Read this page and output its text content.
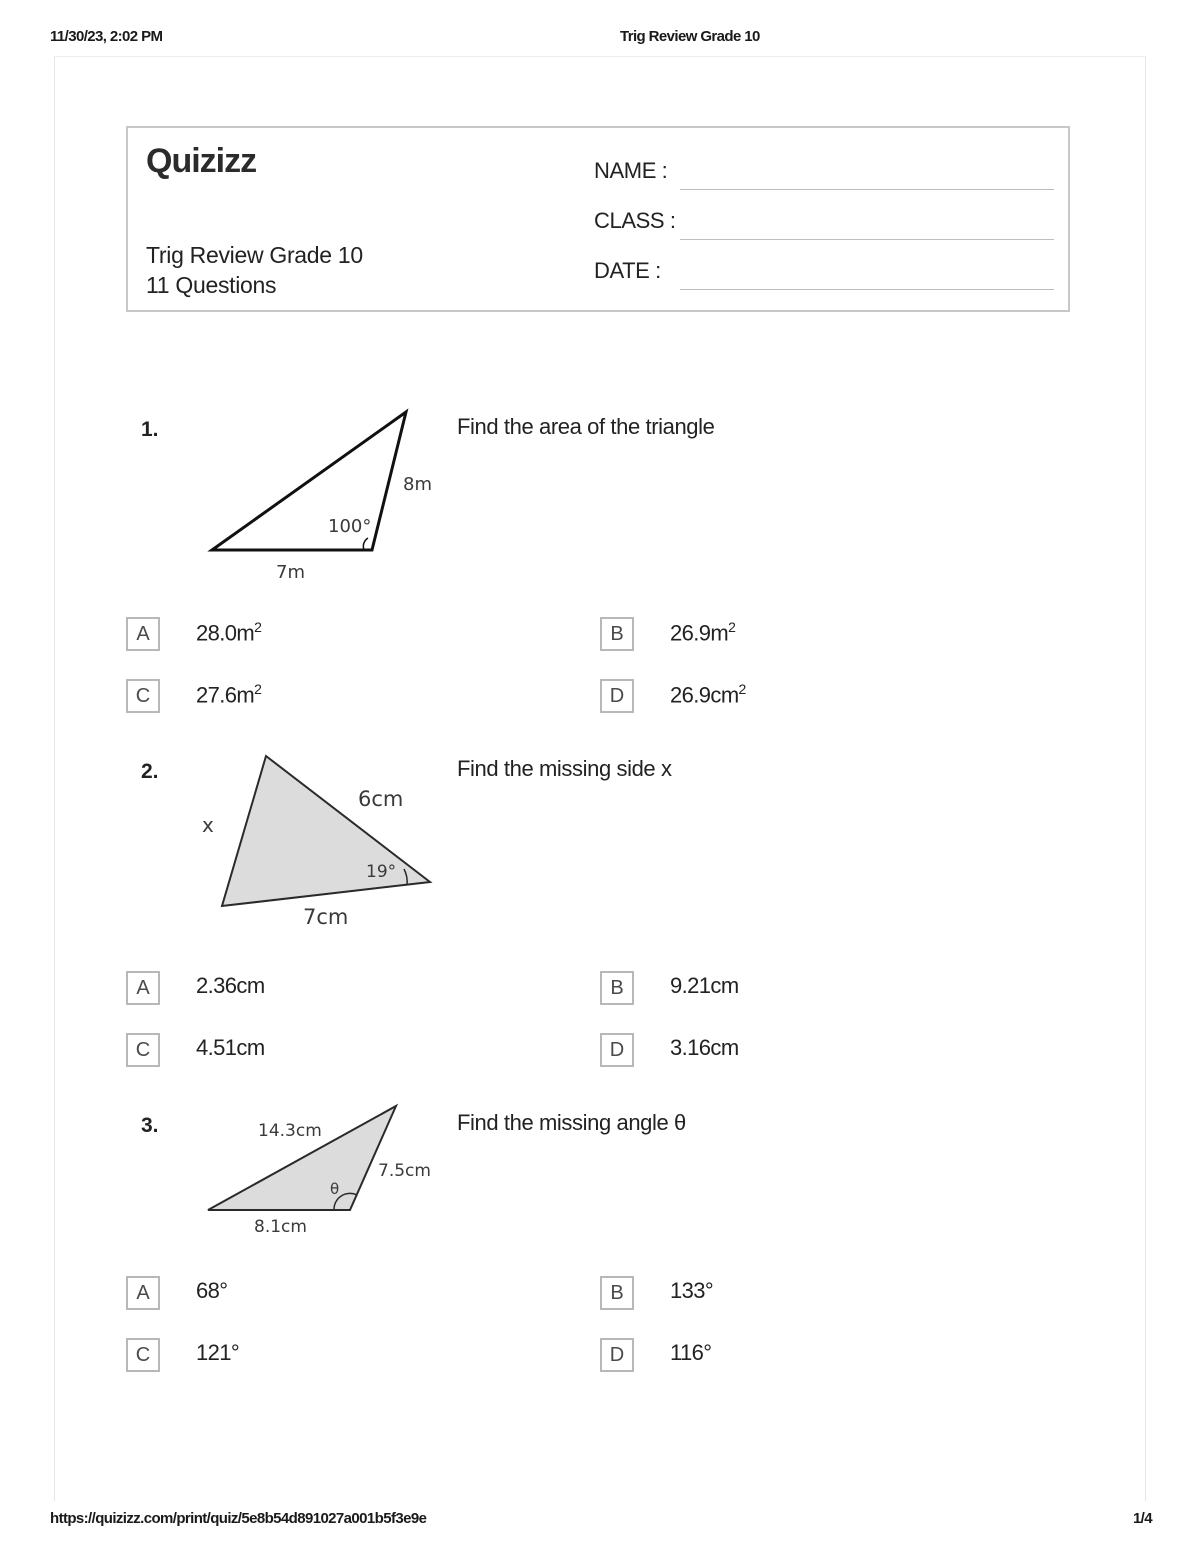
11/30/23, 2:02 PM	Trig Review Grade 10
Quizizz
Trig Review Grade 10
11 Questions
NAME :
CLASS :
DATE :
1.	Find the area of the triangle
8m
7m
100°
A	$28.0m^2$	B	$26.9m^2$
C	$27.6m^2$	D	$26.9cm^2$
2.	Find the missing side x
6cm
7cm
x
19°
A	2.36cm	B	9.21cm
C	4.51cm	D	3.16cm
3.	Find the missing angle θ
14.3cm
7.5cm
8.1cm
θ
A	68°	B	133°
C	121°	D	116°
https://quizizz.com/print/quiz/5e8b54d891027a001b5f3e9e	1/4
